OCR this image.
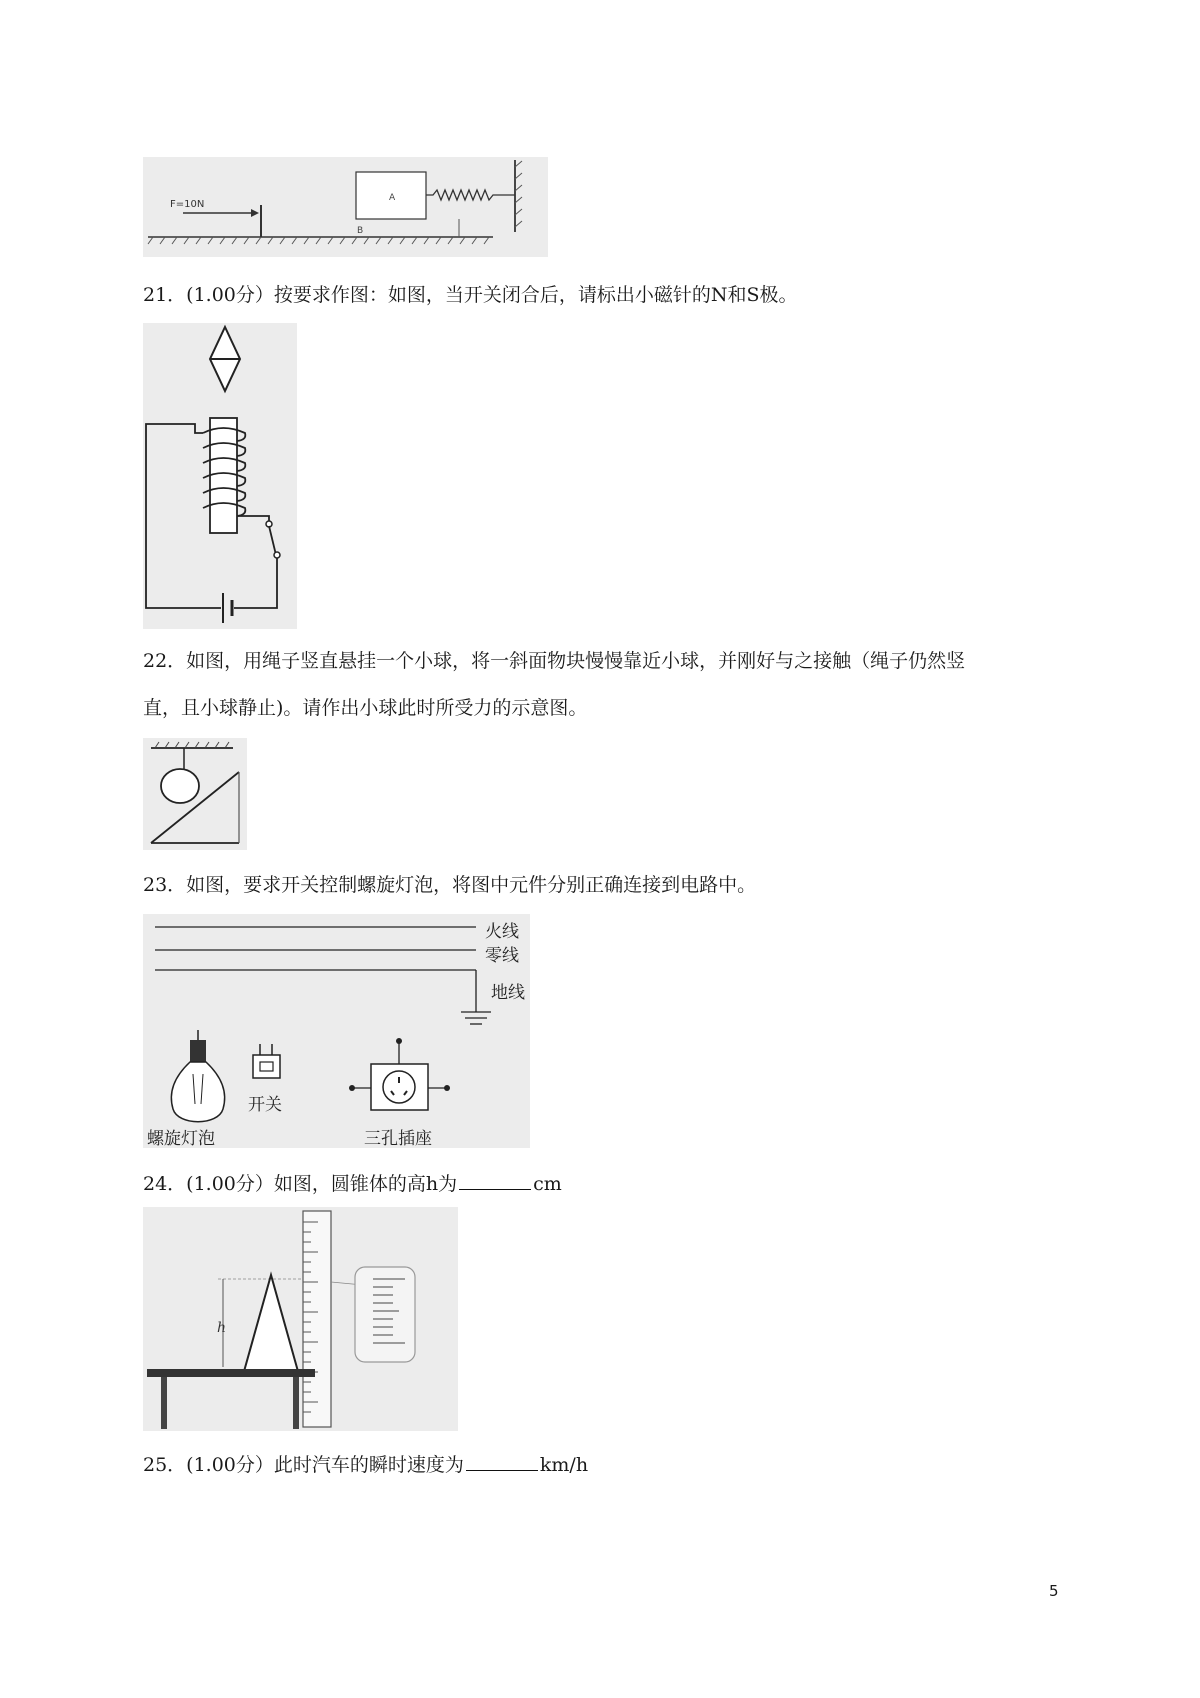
F=10N
A
B
21．(1.00分）按要求作图：如图，当开关闭合后，请标出小磁针的N和S极。
22．如图，用绳子竖直悬挂一个小球，将一斜面物块慢慢靠近小球，并刚好与之接触（绳子仍然竖
直，且小球静止)。请作出小球此时所受力的示意图。
23．如图，要求开关控制螺旋灯泡，将图中元件分别正确连接到电路中。
火线
零线
地线
螺旋灯泡
开关
三孔插座
24．(1.00分）如图，圆锥体的高h为	cm
h
25．(1.00分）此时汽车的瞬时速度为	km/h
5
